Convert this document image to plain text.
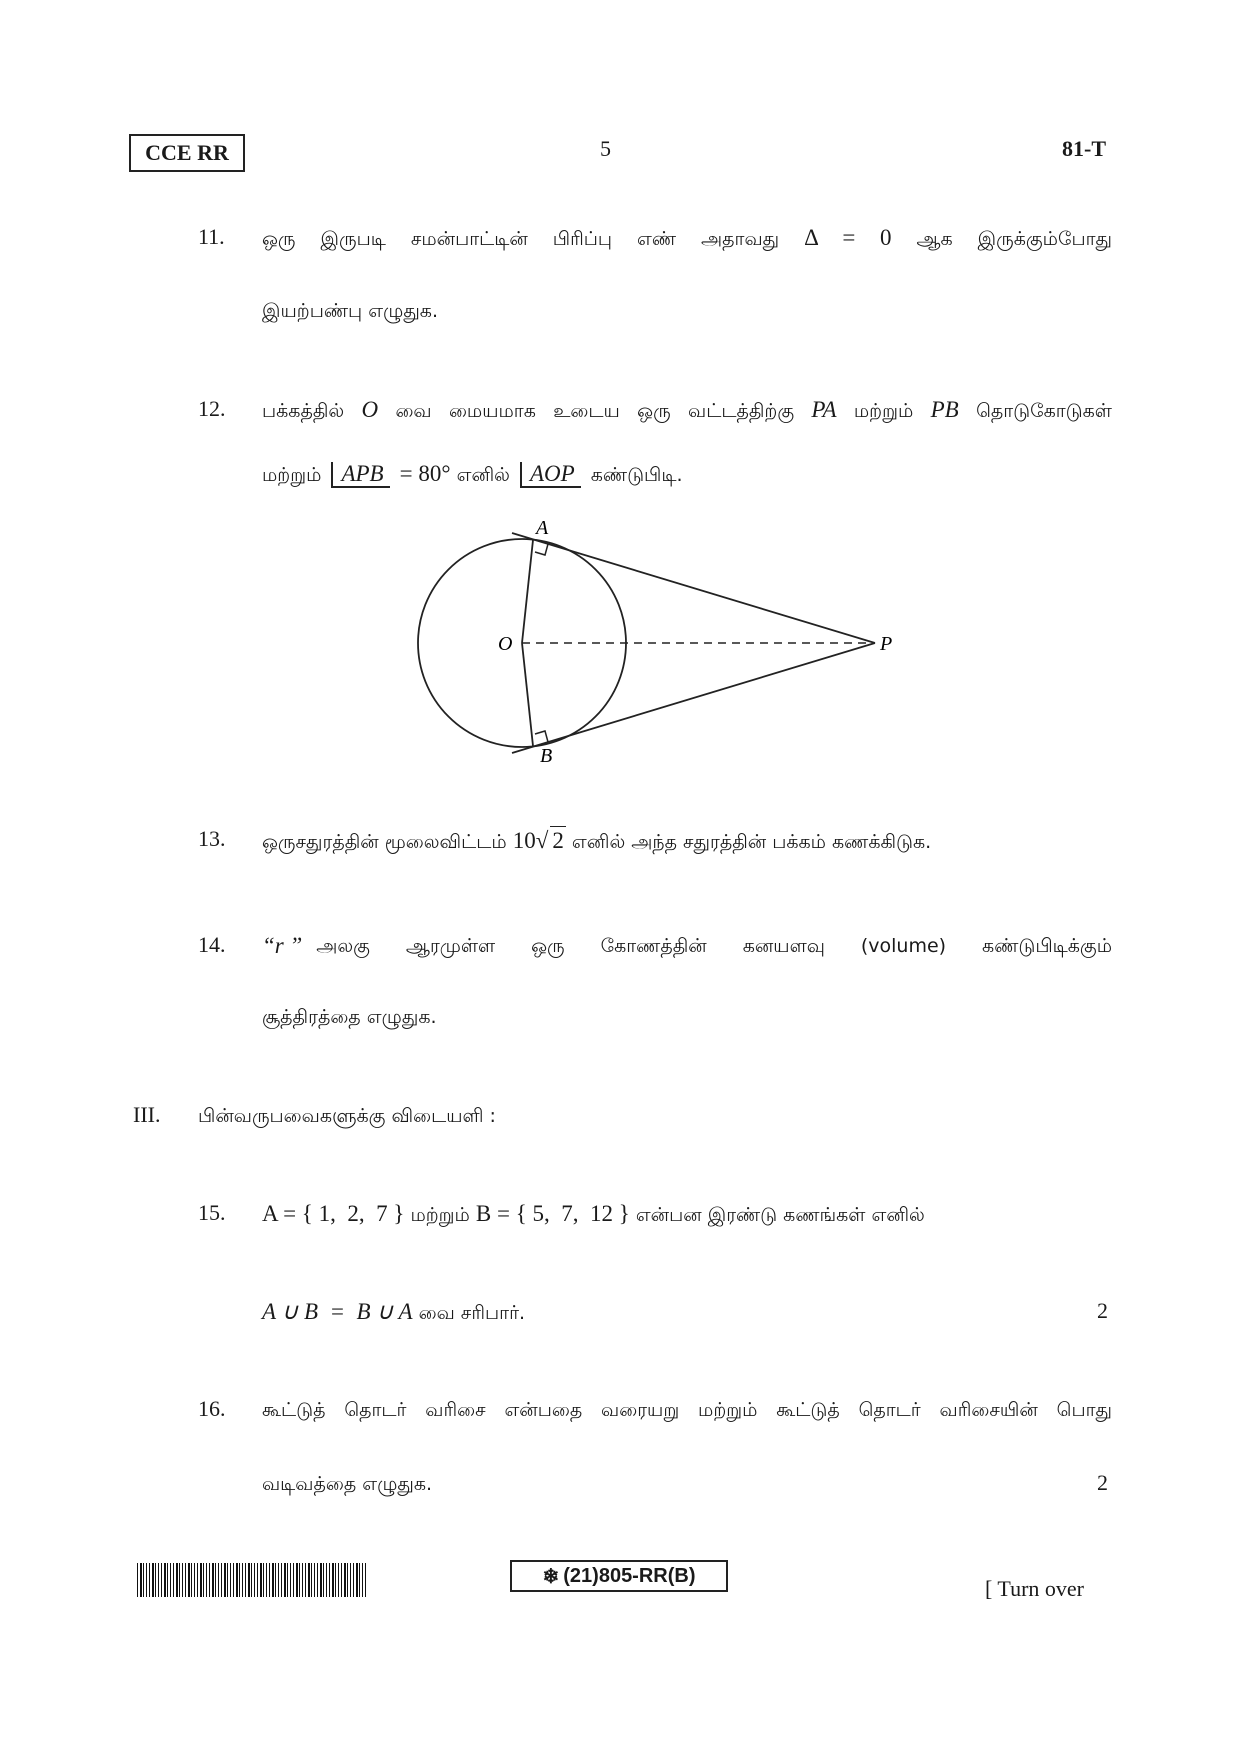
CCE RR	5	81-T
11. ஒரு இருபடி சமன்பாட்டின் பிரிப்பு எண் அதாவது Δ = 0 ஆக இருக்கும்போது
இயற்பண்பு எழுதுக.
12. பக்கத்தில் O வை மையமாக உடைய ஒரு வட்டத்திற்கு PA மற்றும் PB தொடுகோடுகள்
மற்றும் APB = 80° எனில் AOP கண்டுபிடி.
A
B
O	P
13. ஒருசதுரத்தின் மூலைவிட்டம் 10√ 2 எனில் அந்த சதுரத்தின் பக்கம் கணக்கிடுக.
14. “r ” அலகு ஆரமுள்ள ஒரு கோணத்தின் கனயளவு (volume) கண்டுபிடிக்கும்
சூத்திரத்தை எழுதுக.
III. பின்வருபவைகளுக்கு விடையளி :
15. A = { 1,  2,  7 } மற்றும் B = { 5,  7,  12 } என்பன இரண்டு கணங்கள் எனில்
A ∪ B  =  B ∪ A வை சரிபார்.	2
16. கூட்டுத் தொடர் வரிசை என்பதை வரையறு மற்றும் கூட்டுத் தொடர் வரிசையின் பொது
வடிவத்தை எழுதுக.	2
❄ (21)805-RR(B)
[ Turn over
